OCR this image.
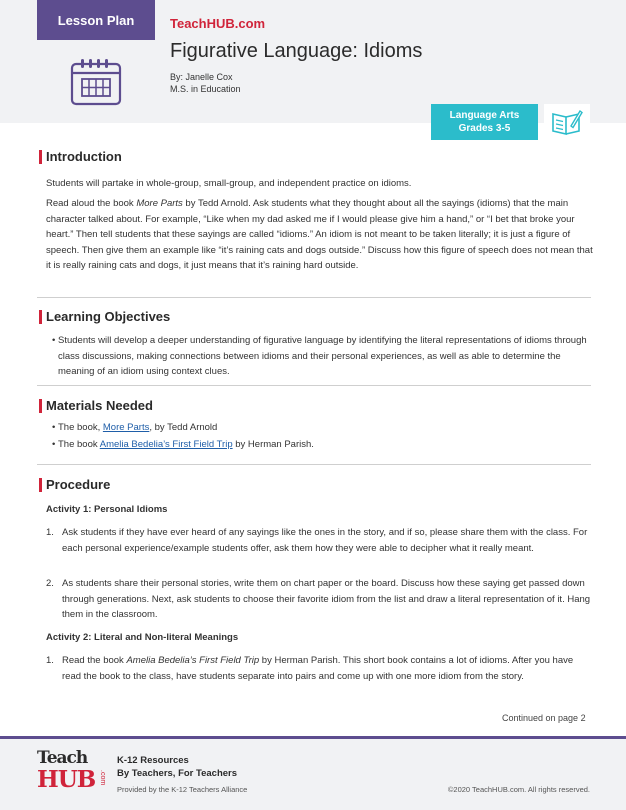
Lesson Plan	TeachHUB.com
Figurative Language: Idioms
By: Janelle Cox
M.S. in Education
Language Arts
Grades 3-5
Introduction
Students will partake in whole-group, small-group, and independent practice on idioms.
Read aloud the book More Parts by Tedd Arnold. Ask students what they thought about all the sayings (idioms) that the main character talked about. For example, “Like when my dad asked me if I would please give him a hand,” or “I bet that broke your heart.” Then tell students that these sayings are called “idioms.” An idiom is not meant to be taken literally; it is just a figure of speech. Then give them an example like “it’s raining cats and dogs outside.” Discuss how this figure of speech does not mean that it is really raining cats and dogs, it just means that it’s raining hard outside.
Learning Objectives
• Students will develop a deeper understanding of figurative language by identifying the literal representations of idioms through class discussions, making connections between idioms and their personal experiences, as well as able to determine the meaning of an idiom using context clues.
Materials Needed
• The book, More Parts, by Tedd Arnold
• The book Amelia Bedelia’s First Field Trip by Herman Parish.
Procedure
Activity 1: Personal Idioms
1. Ask students if they have ever heard of any sayings like the ones in the story, and if so, please share them with the class. For each personal experience/example students offer, ask them how they were able to decipher what it really meant.
2. As students share their personal stories, write them on chart paper or the board. Discuss how these saying get passed down through generations. Next, ask students to choose their favorite idiom from the list and draw a literal representation of it. Hang them in the classroom.
Activity 2: Literal and Non-literal Meanings
1. Read the book Amelia Bedelia’s First Field Trip by Herman Parish. This short book contains a lot of idioms. After you have read the book to the class, have students separate into pairs and come up with one more idiom from the story.
Continued on page 2
Teach
HUB .com
K-12 Resources
By Teachers, For Teachers
Provided by the K-12 Teachers Alliance	©2020 TeachHUB.com. All rights reserved.
